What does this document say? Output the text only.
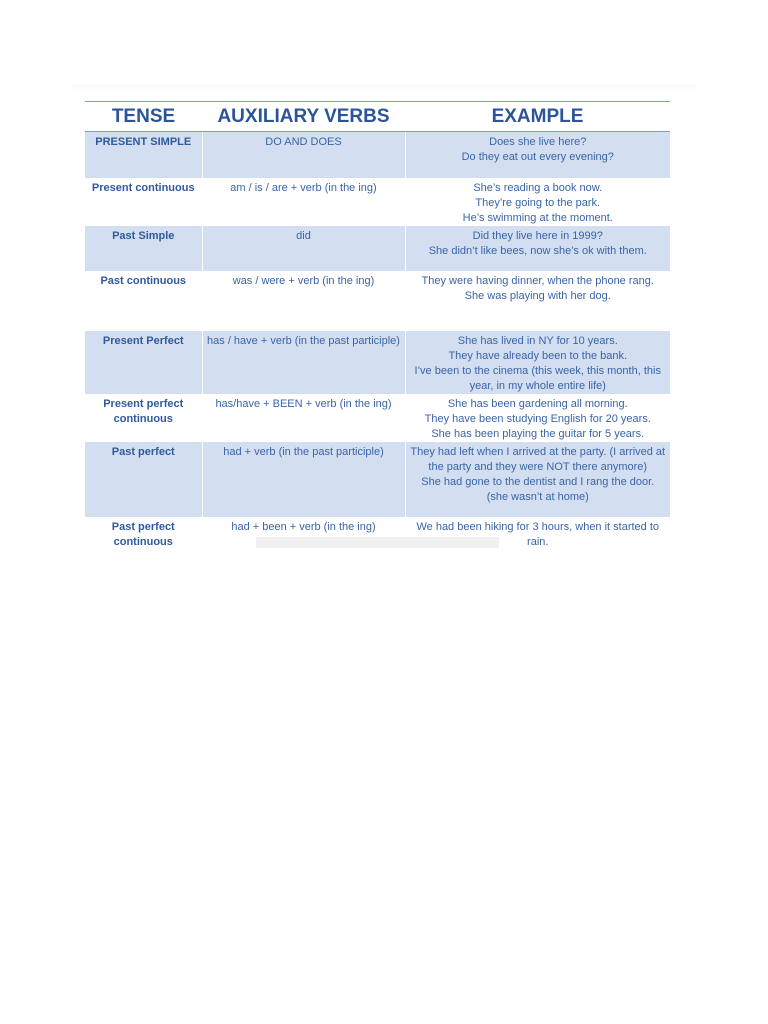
TENSE	AUXILIARY VERBS	EXAMPLE
PRESENT SIMPLE	DO AND DOES	Does she live here?
Do they eat out every evening?

Present continuous	am / is / are + verb (in the ing)	She’s reading a book now.
They’re going to the park.
He’s swimming at the moment.

Past Simple	did	Did they live here in 1999?
She didn’t like bees, now she’s ok with them.

Past continuous	was / were + verb (in the ing)	They were having dinner, when the phone rang.
She was playing with her dog.

Present Perfect	has / have + verb (in the past participle)	She has lived in NY for 10 years.
They have already been to the bank.
I’ve been to the cinema (this week, this month, this year, in my whole entire life)

Present perfect continuous	has/have + BEEN + verb (in the ing)	She has been gardening all morning.
They have been studying English for 20 years.
She has been playing the guitar for 5 years.

Past perfect	had + verb (in the past participle)	They had left when I arrived at the party. (I arrived at the party and they were NOT there anymore)
She had gone to the dentist and I rang the door. (she wasn’t at home)

Past perfect continuous	had + been + verb (in the ing)	We had been hiking for 3 hours, when it started to rain.
